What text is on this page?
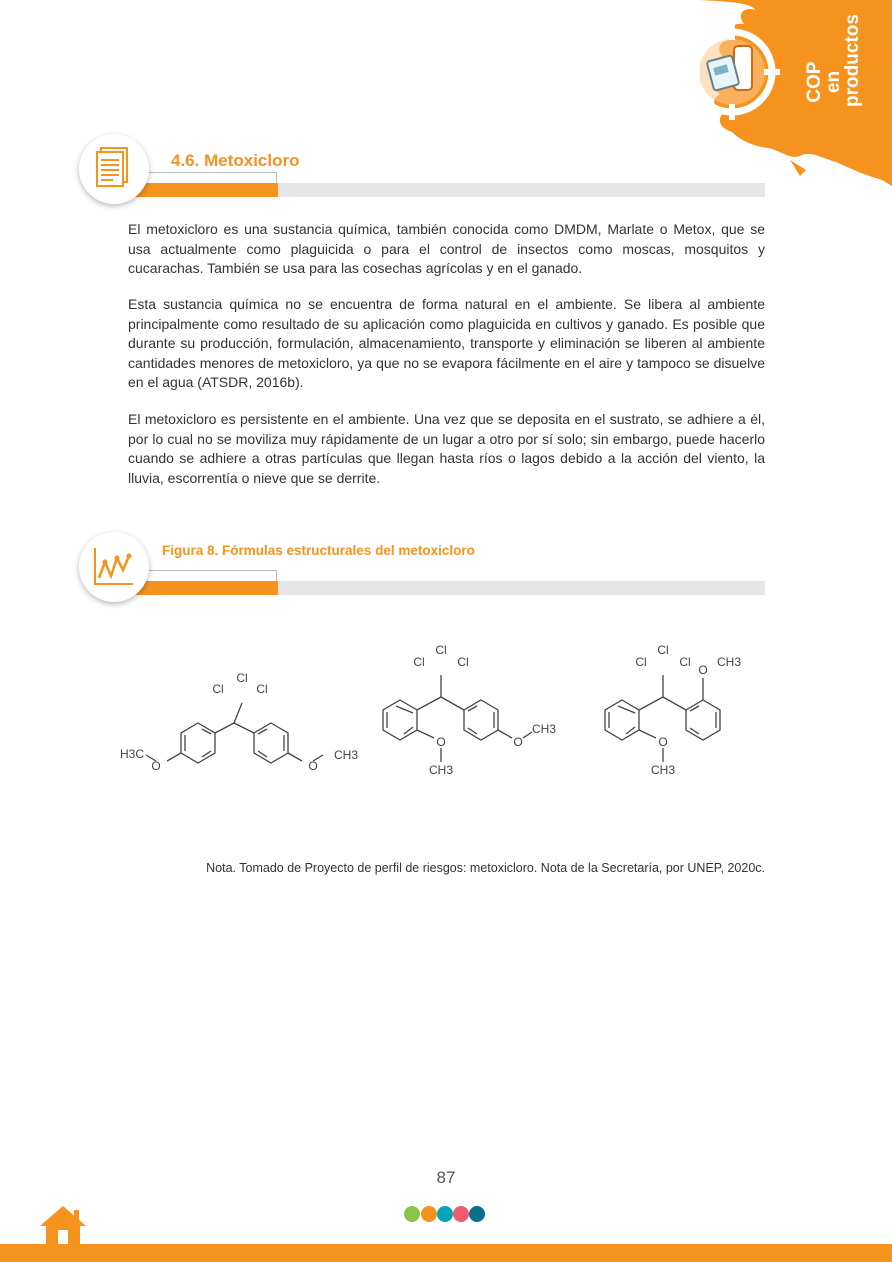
COP en
productos
4.6. Metoxicloro

El metoxicloro es una sustancia química, también conocida como DMDM, Marlate o Metox, que se usa actualmente como plaguicida o para el control de insectos como moscas, mosquitos y cucarachas. También se usa para las cosechas agrícolas y en el ganado.

Esta sustancia química no se encuentra de forma natural en el ambiente. Se libera al ambiente principalmente como resultado de su aplicación como plaguicida en cultivos y ganado. Es posible que durante su producción, formulación, almacenamiento, transporte y eliminación se liberen al ambiente cantidades menores de metoxicloro, ya que no se evapora fácilmente en el aire y tampoco se disuelve en el agua (ATSDR, 2016b).

El metoxicloro es persistente en el ambiente. Una vez que se deposita en el sustrato, se adhiere a él, por lo cual no se moviliza muy rápidamente de un lugar a otro por sí solo; sin embargo, puede hacerlo cuando se adhiere a otras partículas que llegan hasta ríos o lagos debido a la acción del viento, la lluvia, escorrentía o nieve que se derrite.

Figura 8. Fórmulas estructurales del metoxicloro
Cl
Cl	Cl
O
H3C
O
CH3
Cl
Cl	Cl
O
CH3
O
CH3
Cl
Cl	Cl
O
CH3
O
CH3
Nota. Tomado de Proyecto de perfil de riesgos: metoxicloro. Nota de la Secretaría, por UNEP, 2020c.
87
